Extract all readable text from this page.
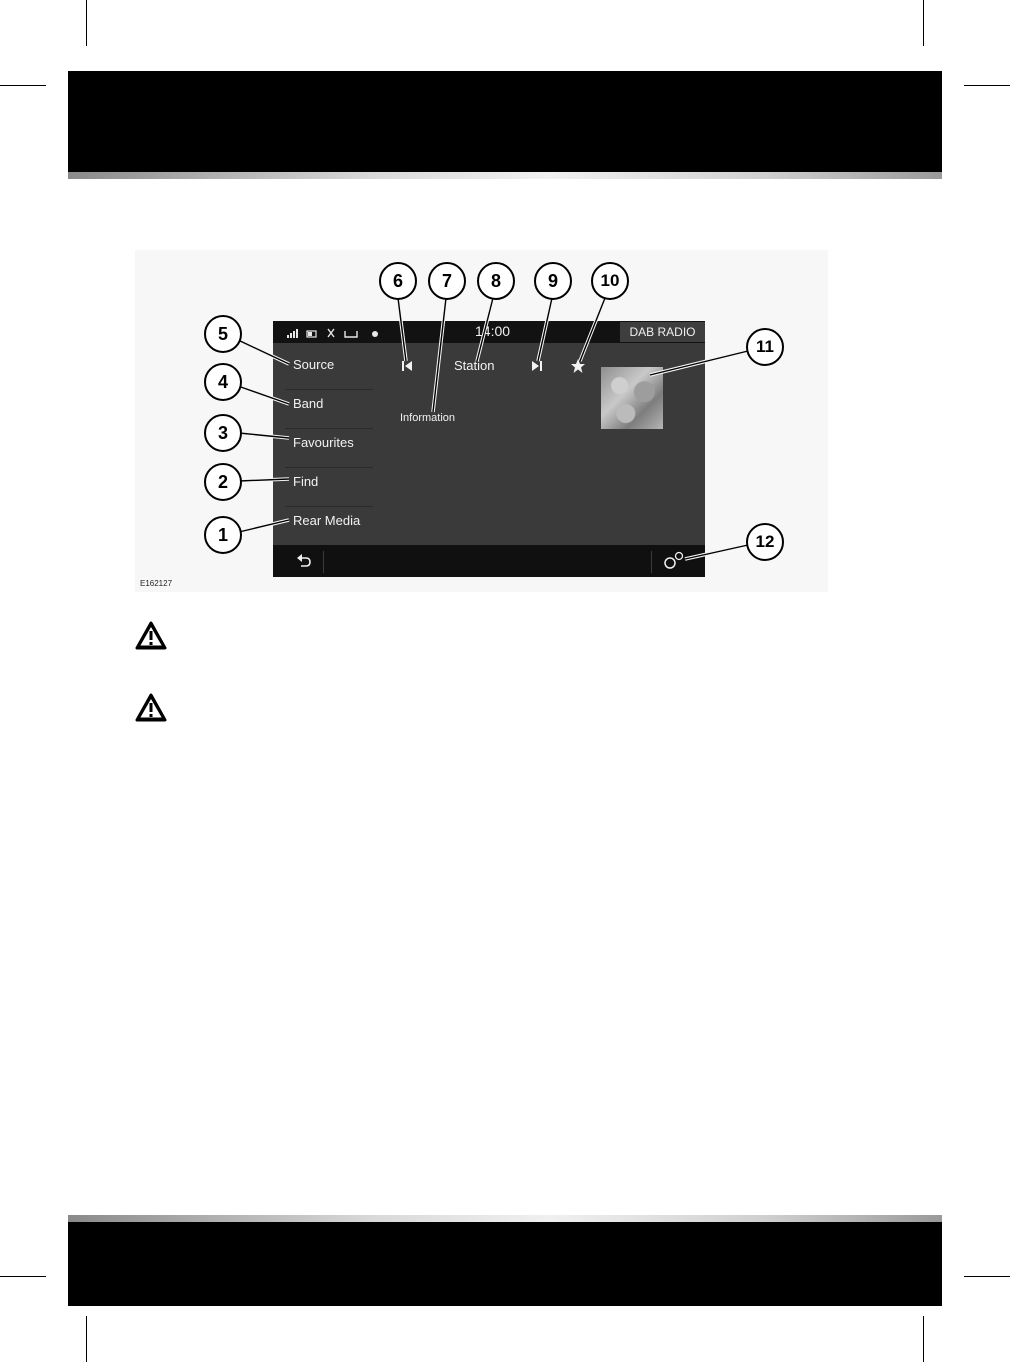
14:00	DAB RADIO
Source
Band
Favourites
Find
Rear Media
Station
Information
5
4
3
2
1
6	7	8	9	10
11
12
E162127
